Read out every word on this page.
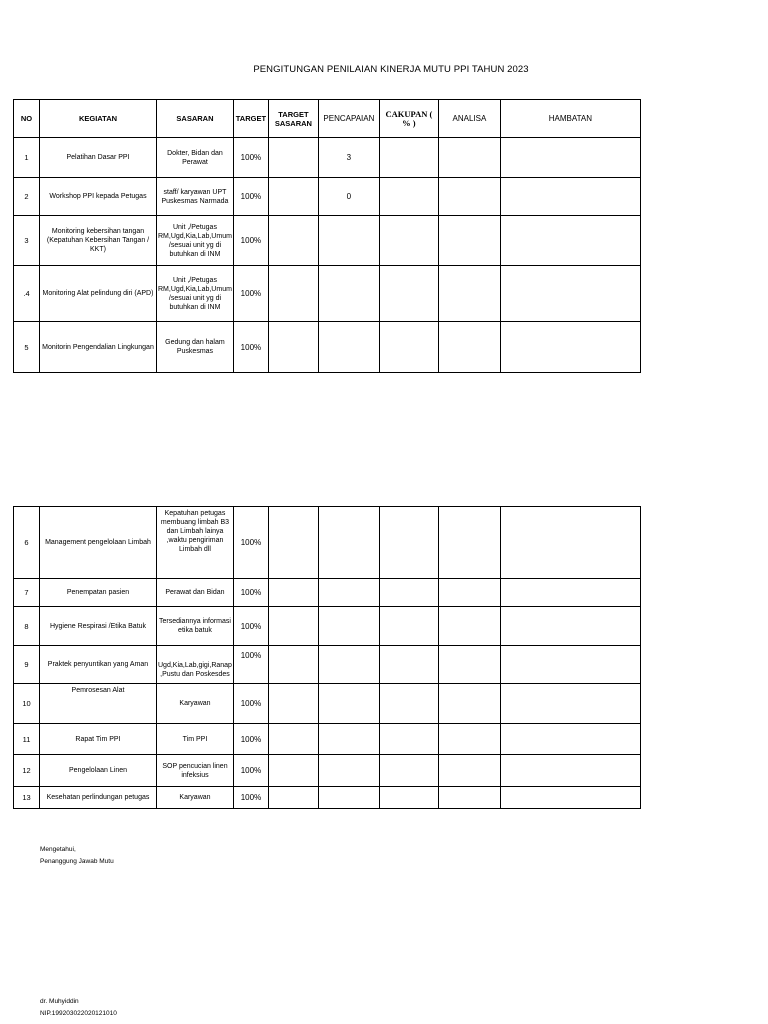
PENGITUNGAN PENILAIAN KINERJA MUTU PPI TAHUN 2023
NO	KEGIATAN	SASARAN	TARGET	TARGET SASARAN	PENCAPAIAN	CAKUPAN ( % )	ANALISA	HAMBATAN
1	Pelatihan Dasar PPI	Dokter, Bidan dan Perawat	100%		3			
2	Workshop PPI kepada Petugas	staff/ karyawan UPT Puskesmas Narmada	100%		0			
3	Monitoring kebersihan tangan (Kepatuhan Kebersihan Tangan / KKT)	Unit ,/Petugas RM,Ugd,Kia,Lab,Umum /sesuai unit yg di butuhkan di INM	100%					
.4	Monitoring Alat pelindung diri (APD)	Unit ,/Petugas RM,Ugd,Kia,Lab,Umum /sesuai unit yg di butuhkan di INM	100%					
5	Monitorin Pengendalian Lingkungan	Gedung dan halam Puskesmas	100%					
6	Management pengelolaan Limbah	Kepatuhan petugas membuang limbah B3 dan Limbah lainya ,waktu pengiriman Limbah dll	100%					
7	Penempatan pasien	Perawat dan Bidan	100%					
8	Hygiene Respirasi /Etika Batuk	Tersediannya informasi etika batuk	100%					
9	Praktek penyuntikan yang Aman	Ugd,Kia,Lab,gigi,Ranap ,Pustu dan Poskesdes	100%					
10	Pemrosesan Alat	Karyawan	100%					
11	Rapat Tim PPI	Tim PPI	100%					
12	Pengelolaan Linen	SOP pencucian linen infeksius	100%					
13	Kesehatan perlindungan petugas	Karyawan	100%					
Mengetahui,
Penanggung Jawab Mutu
dr. Muhyiddin
NIP.199203022020121010
